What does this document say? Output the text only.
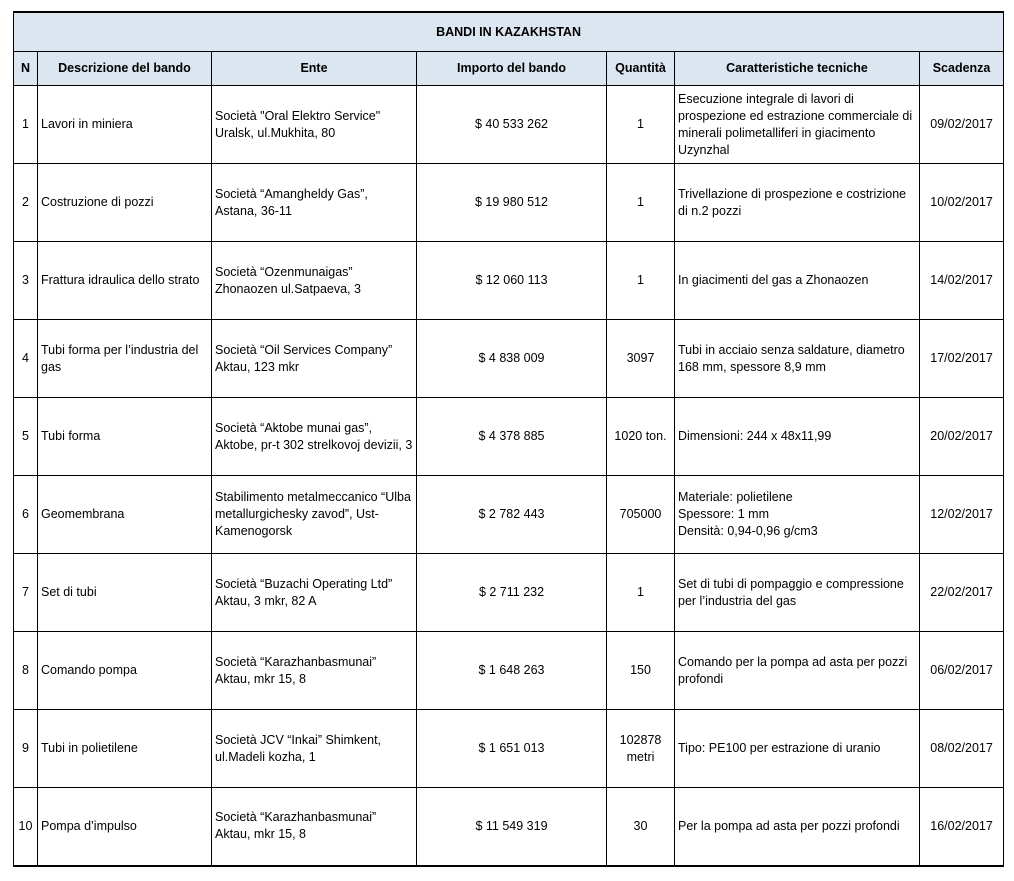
BANDI IN KAZAKHSTAN						
N	Descrizione del bando	Ente	Importo del bando	Quantità	Caratteristiche tecniche	Scadenza
1	Lavori in miniera	Società "Oral Elektro Service"
Uralsk, ul.Mukhita, 80	$ 40 533 262	1	Esecuzione integrale di lavori di prospezione ed estrazione commerciale di minerali polimetalliferi in giacimento Uzynzhal	09/02/2017
2	Costruzione di pozzi	Società “Amangheldy Gas”,
Astana, 36-11	$ 19 980 512	1	Trivellazione di prospezione e costrizione di n.2 pozzi	10/02/2017
3	Frattura idraulica dello strato	Società “Ozenmunaigas”
Zhonaozen ul.Satpaeva, 3	$ 12 060 113	1	In giacimenti del gas a Zhonaozen	14/02/2017
4	Tubi forma per l’industria del gas	Società “Oil Services Company”
Aktau, 123 mkr	$ 4 838 009	3097	Tubi in acciaio senza saldature, diametro 168 mm, spessore 8,9 mm	17/02/2017
5	Tubi forma	Società “Aktobe munai gas”, Aktobe, pr-t 302 strelkovoj devizii, 3	$ 4 378 885	1020 ton.	Dimensioni: 244 x 48x11,99	20/02/2017
6	Geomembrana	Stabilimento metalmeccanico “Ulba metallurgichesky zavod”, Ust-Kamenogorsk	$ 2 782 443	705000	Materiale: polietilene
Spessore: 1 mm
Densità: 0,94-0,96 g/cm3	12/02/2017
7	Set di tubi	Società “Buzachi Operating Ltd”
Aktau, 3 mkr, 82 A	$ 2 711 232	1	Set di tubi di pompaggio e compressione per l’industria del gas	22/02/2017
8	Comando pompa	Società “Karazhanbasmunai”
Aktau, mkr 15, 8	$ 1 648 263	150	Comando per la pompa ad asta per pozzi profondi	06/02/2017
9	Tubi in polietilene	Società JCV “Inkai” Shimkent, ul.Madeli kozha, 1	$ 1 651 013	102878
metri	Tipo: PE100 per estrazione di uranio	08/02/2017
10	Pompa d’impulso	Società “Karazhanbasmunai”
Aktau, mkr 15, 8	$ 11 549 319	30	Per la pompa ad asta per pozzi profondi	16/02/2017
